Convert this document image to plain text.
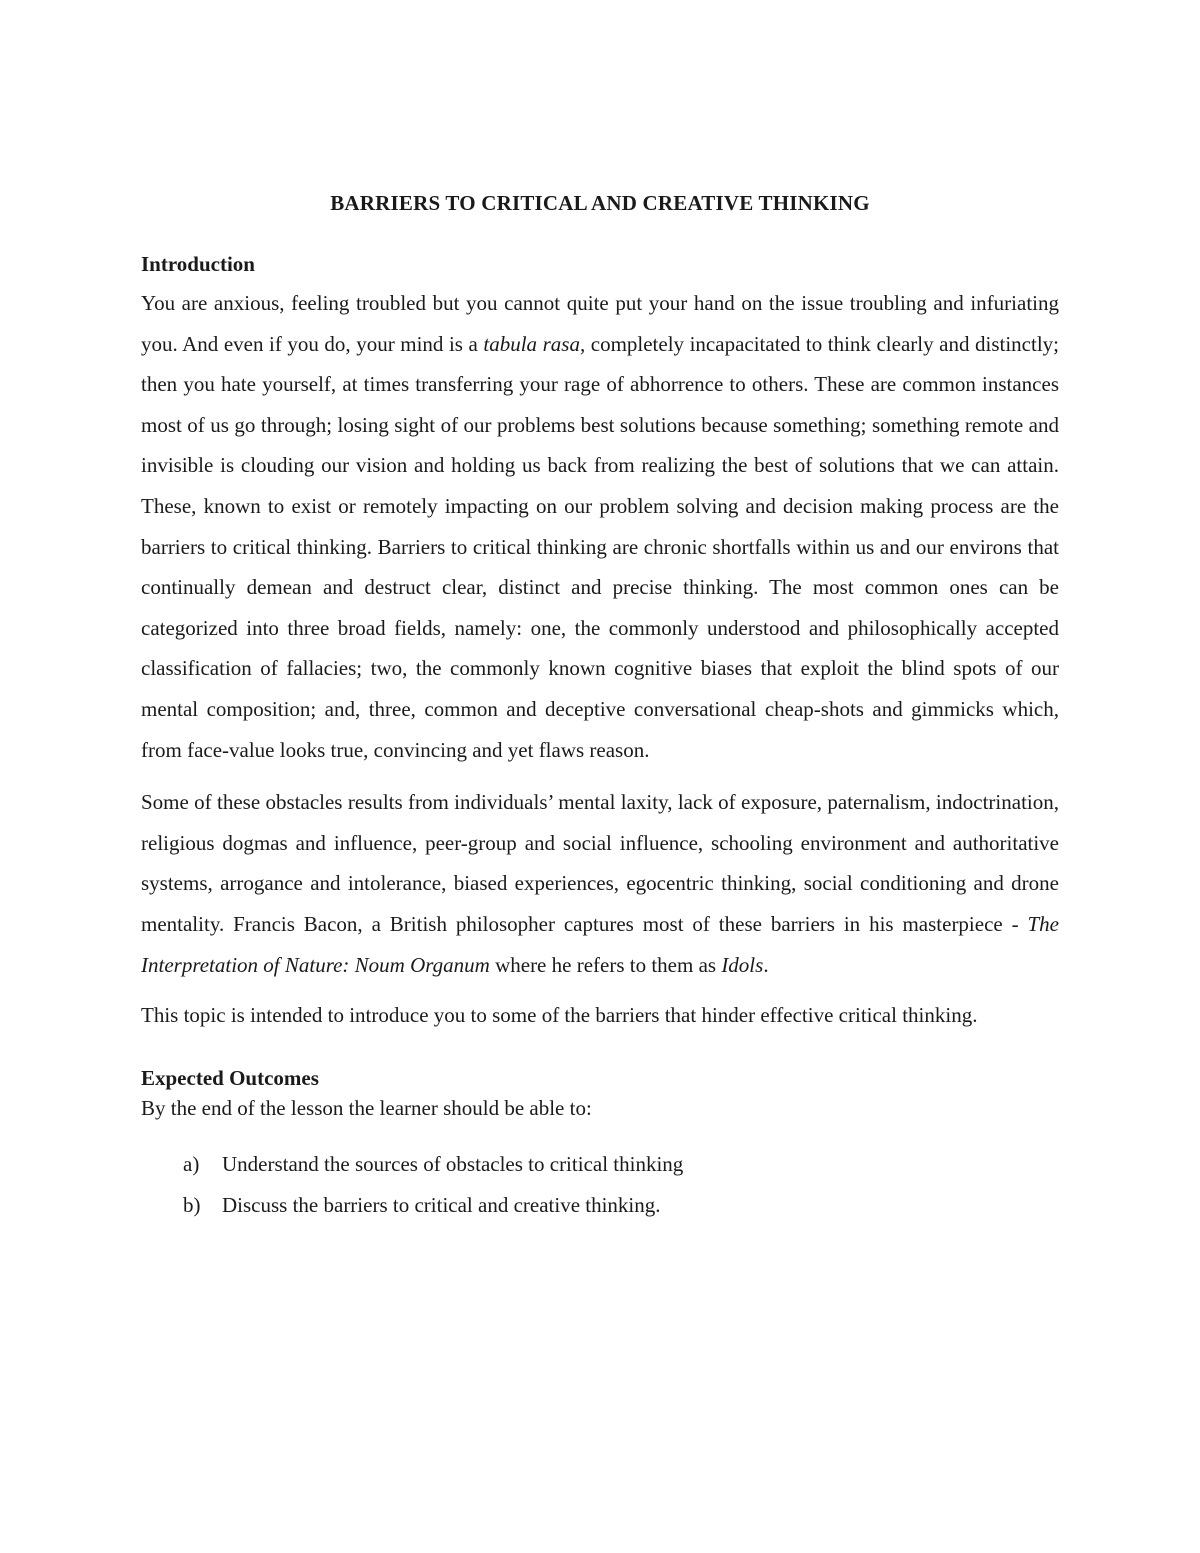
BARRIERS TO CRITICAL AND CREATIVE THINKING
Introduction

You are anxious, feeling troubled but you cannot quite put your hand on the issue troubling and infuriating you. And even if you do, your mind is a tabula rasa, completely incapacitated to think clearly and distinctly; then you hate yourself, at times transferring your rage of abhorrence to others. These are common instances most of us go through; losing sight of our problems best solutions because something; something remote and invisible is clouding our vision and holding us back from realizing the best of solutions that we can attain. These, known to exist or remotely impacting on our problem solving and decision making process are the barriers to critical thinking. Barriers to critical thinking are chronic shortfalls within us and our environs that continually demean and destruct clear, distinct and precise thinking. The most common ones can be categorized into three broad fields, namely: one, the commonly understood and philosophically accepted classification of fallacies; two, the commonly known cognitive biases that exploit the blind spots of our mental composition; and, three, common and deceptive conversational cheap-shots and gimmicks which, from face-value looks true, convincing and yet flaws reason.

Some of these obstacles results from individuals’ mental laxity, lack of exposure, paternalism, indoctrination, religious dogmas and influence, peer-group and social influence, schooling environment and authoritative systems, arrogance and intolerance, biased experiences, egocentric thinking, social conditioning and drone mentality. Francis Bacon, a British philosopher captures most of these barriers in his masterpiece - The Interpretation of Nature: Noum Organum where he refers to them as Idols.

This topic is intended to introduce you to some of the barriers that hinder effective critical thinking.

Expected Outcomes

By the end of the lesson the learner should be able to:

a) Understand the sources of obstacles to critical thinking
b) Discuss the barriers to critical and creative thinking.
